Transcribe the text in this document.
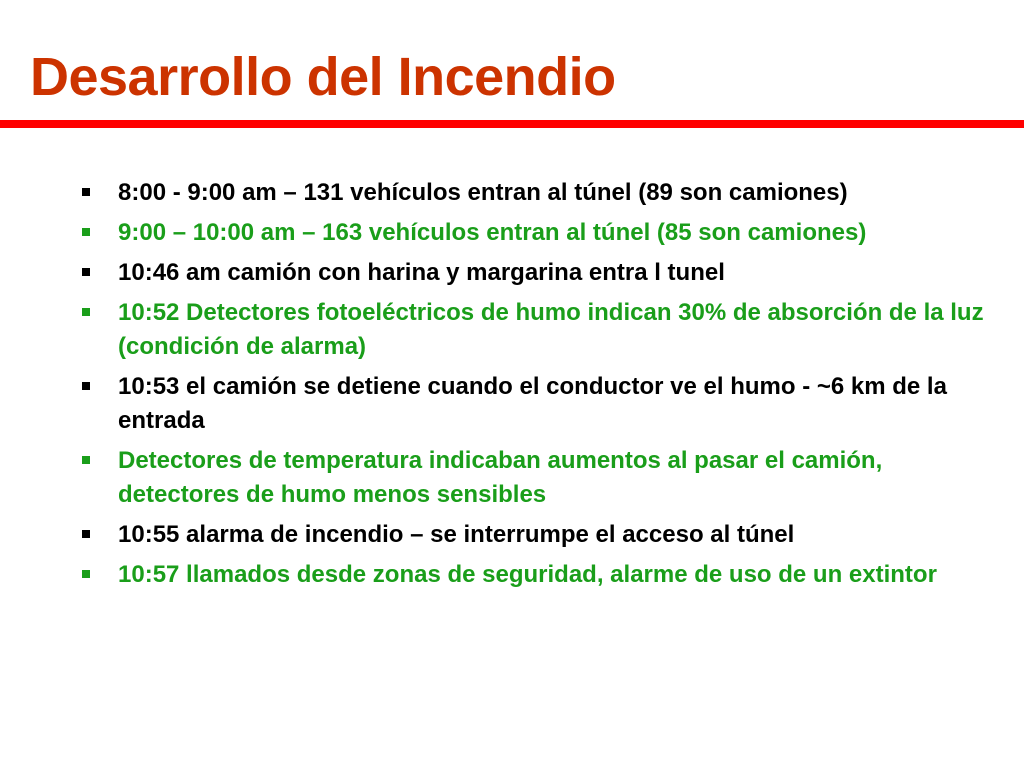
Desarrollo del Incendio
8:00 - 9:00 am – 131 vehículos entran al túnel (89 son camiones)
9:00 – 10:00 am – 163 vehículos entran al túnel (85 son camiones)
10:46 am camión con harina y margarina entra l tunel
10:52 Detectores fotoeléctricos de humo indican 30% de absorción de la luz (condición de alarma)
10:53 el camión se detiene cuando el conductor ve el humo - ~6 km de la entrada
Detectores de temperatura indicaban aumentos al pasar el camión, detectores de humo menos sensibles
10:55 alarma de incendio – se interrumpe el acceso al túnel
10:57 llamados desde zonas de seguridad, alarme de uso de un extintor
